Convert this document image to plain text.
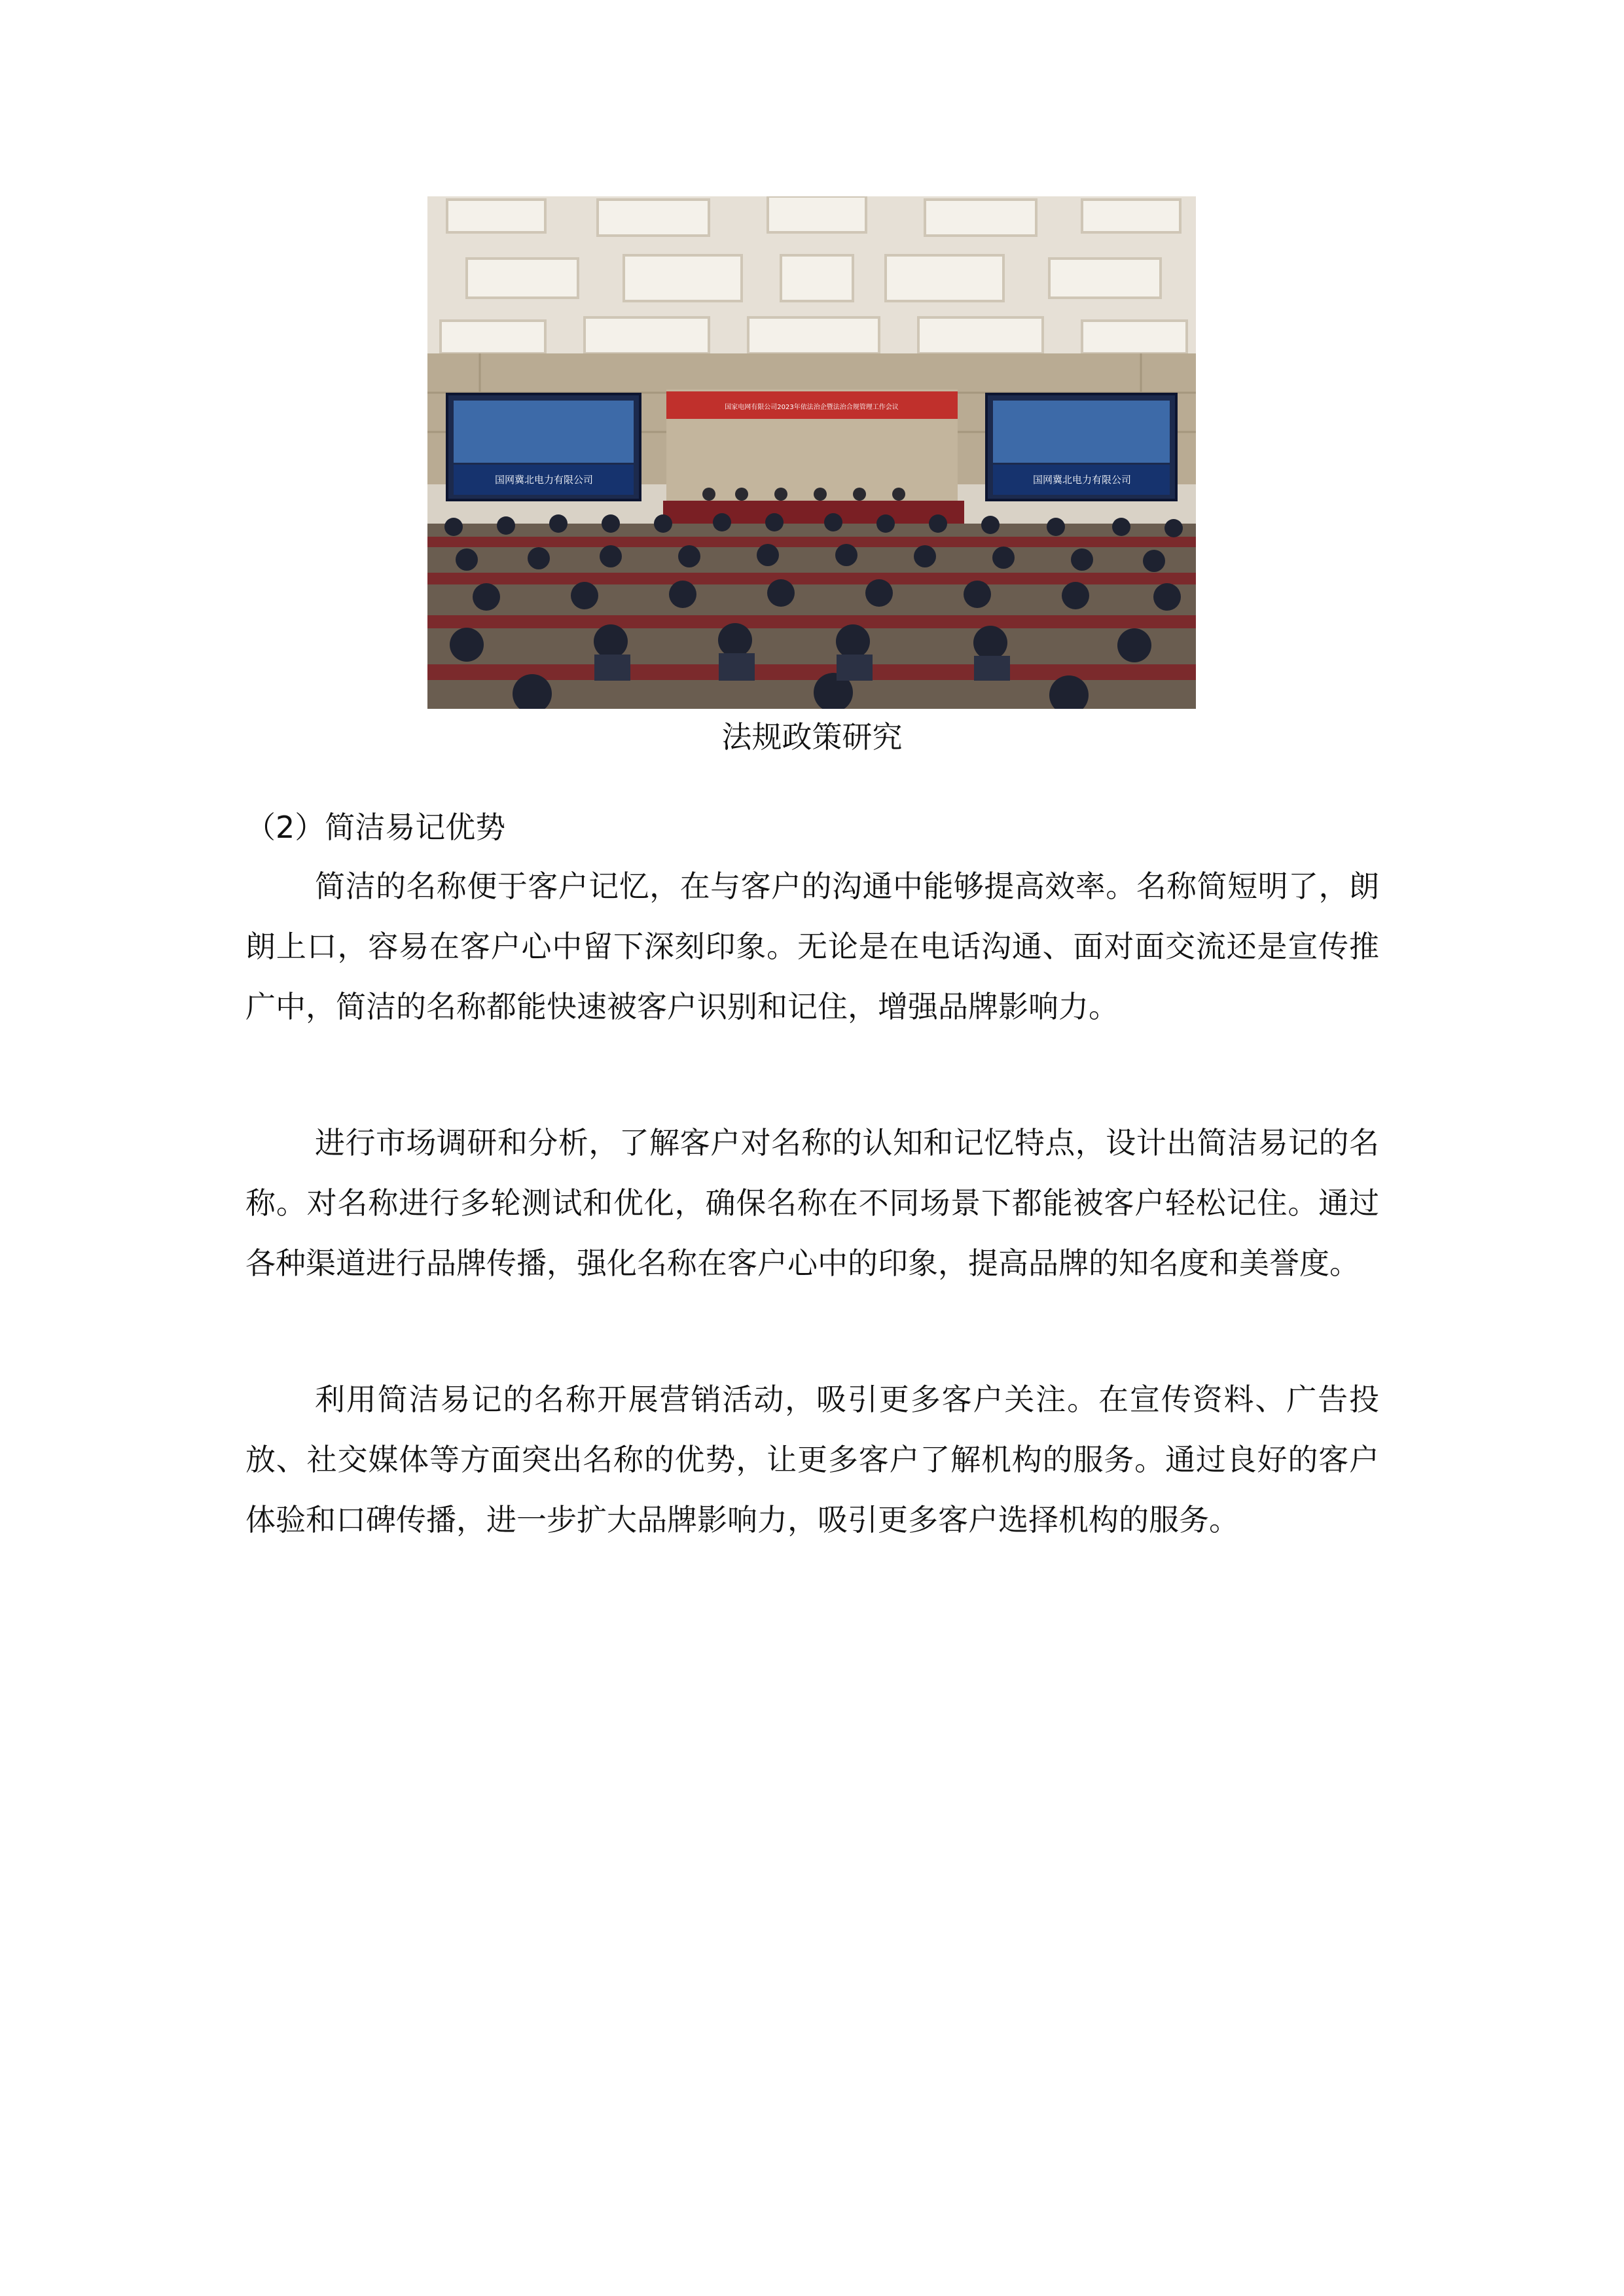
国网冀北电力有限公司	国网冀北电力有限公司
国家电网有限公司2023年依法治企暨法治合规管理工作会议
法规政策研究

（2）简洁易记优势

简洁的名称便于客户记忆，在与客户的沟通中能够提高效率。名称简短明了，朗朗上口，容易在客户心中留下深刻印象。无论是在电话沟通、面对面交流还是宣传推广中，简洁的名称都能快速被客户识别和记住，增强品牌影响力。

进行市场调研和分析，了解客户对名称的认知和记忆特点，设计出简洁易记的名称。对名称进行多轮测试和优化，确保名称在不同场景下都能被客户轻松记住。通过各种渠道进行品牌传播，强化名称在客户心中的印象，提高品牌的知名度和美誉度。

利用简洁易记的名称开展营销活动，吸引更多客户关注。在宣传资料、广告投放、社交媒体等方面突出名称的优势，让更多客户了解机构的服务。通过良好的客户体验和口碑传播，进一步扩大品牌影响力，吸引更多客户选择机构的服务。
